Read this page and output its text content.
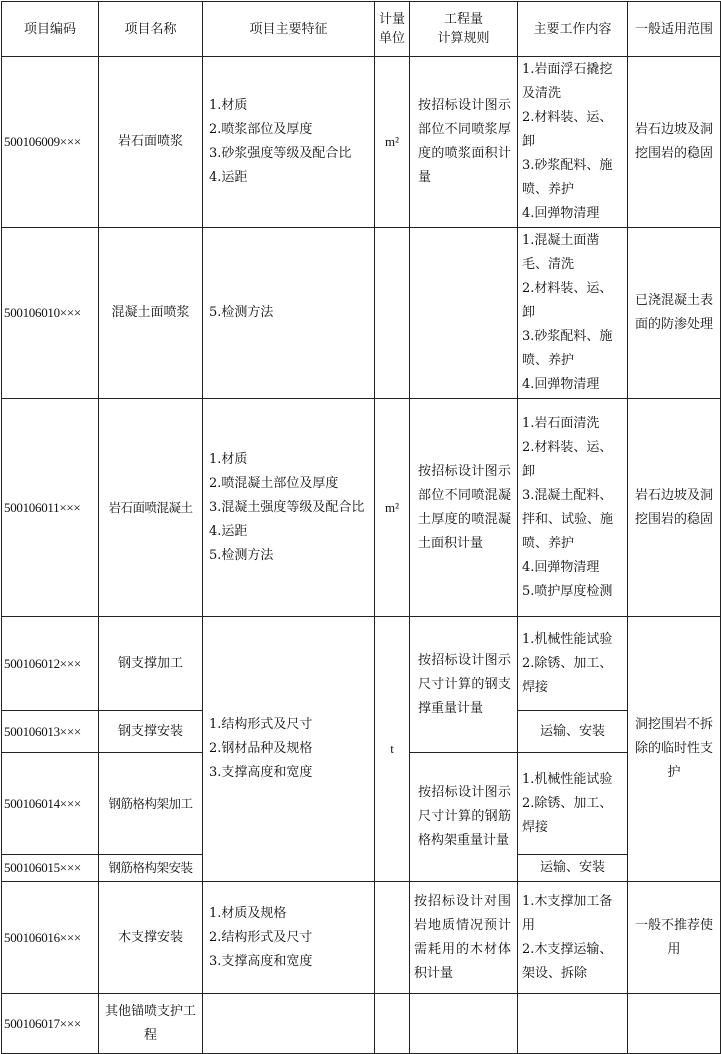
项目编码	项目名称	项目主要特征	计量
单位	工程量
计算规则	主要工作内容	一般适用范围
500106009×××	岩石面喷浆	1.材质
2.喷浆部位及厚度
3.砂浆强度等级及配合比
4.运距	m²	按招标设计图示部位不同喷浆厚度的喷浆面积计量	1.岩面浮石撬挖及清洗
2.材料装、运、卸
3.砂浆配料、施喷、养护
4.回弹物清理	岩石边坡及洞挖围岩的稳固
500106010×××	混凝土面喷浆	5.检测方法			1.混凝土面凿毛、清洗
2.材料装、运、卸
3.砂浆配料、施喷、养护
4.回弹物清理	已浇混凝土表面的防渗处理
500106011×××	岩石面喷混凝土	1.材质
2.喷混凝土部位及厚度
3.混凝土强度等级及配合比
4.运距
5.检测方法	m²	按招标设计图示部位不同喷混凝土厚度的喷混凝土面积计量	1.岩石面清洗
2.材料装、运、卸
3.混凝土配料、拌和、试验、施喷、养护
4.回弹物清理
5.喷护厚度检测	岩石边坡及洞挖围岩的稳固
500106012×××	钢支撑加工	1.结构形式及尺寸
2.钢材品种及规格
3.支撑高度和宽度	t	按招标设计图示尺寸计算的钢支撑重量计量	1.机械性能试验
2.除锈、加工、焊接	洞挖围岩不拆除的临时性支护
500106013×××	钢支撑安装				运输、安装	
500106014×××	钢筋格构架加工			按招标设计图示尺寸计算的钢筋格构架重量计量	1.机械性能试验
2.除锈、加工、焊接	
500106015×××	钢筋格构架安装				运输、安装	
500106016×××	木支撑安装	1.材质及规格
2.结构形式及尺寸
3.支撑高度和宽度		按招标设计对围岩地质情况预计需耗用的木材体积计量	1.木支撑加工备用
2.木支撑运输、架设、拆除	一般不推荐使用
500106017×××	其他锚喷支护工程					
